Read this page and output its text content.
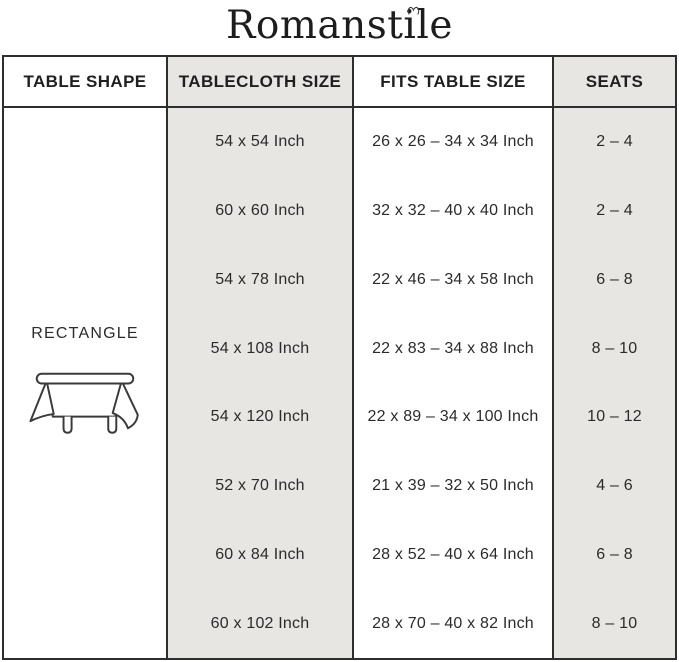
Romanstile
TABLE SHAPE	TABLECLOTH SIZE	FITS TABLE SIZE	SEATS
RECTANGLE
54 x 54 Inch	26 x 26 – 34 x 34 Inch	2 – 4
60 x 60 Inch	32 x 32 – 40 x 40 Inch	2 – 4
54 x 78 Inch	22 x 46 – 34 x 58 Inch	6 – 8
54 x 108 Inch	22 x 83 – 34 x 88 Inch	8 – 10
54 x 120 Inch	22 x 89 – 34 x 100 Inch	10 – 12
52 x 70 Inch	21 x 39 – 32 x 50 Inch	4 – 6
60 x 84 Inch	28 x 52 – 40 x 64 Inch	6 – 8
60 x 102 Inch	28 x 70 – 40 x 82 Inch	8 – 10
